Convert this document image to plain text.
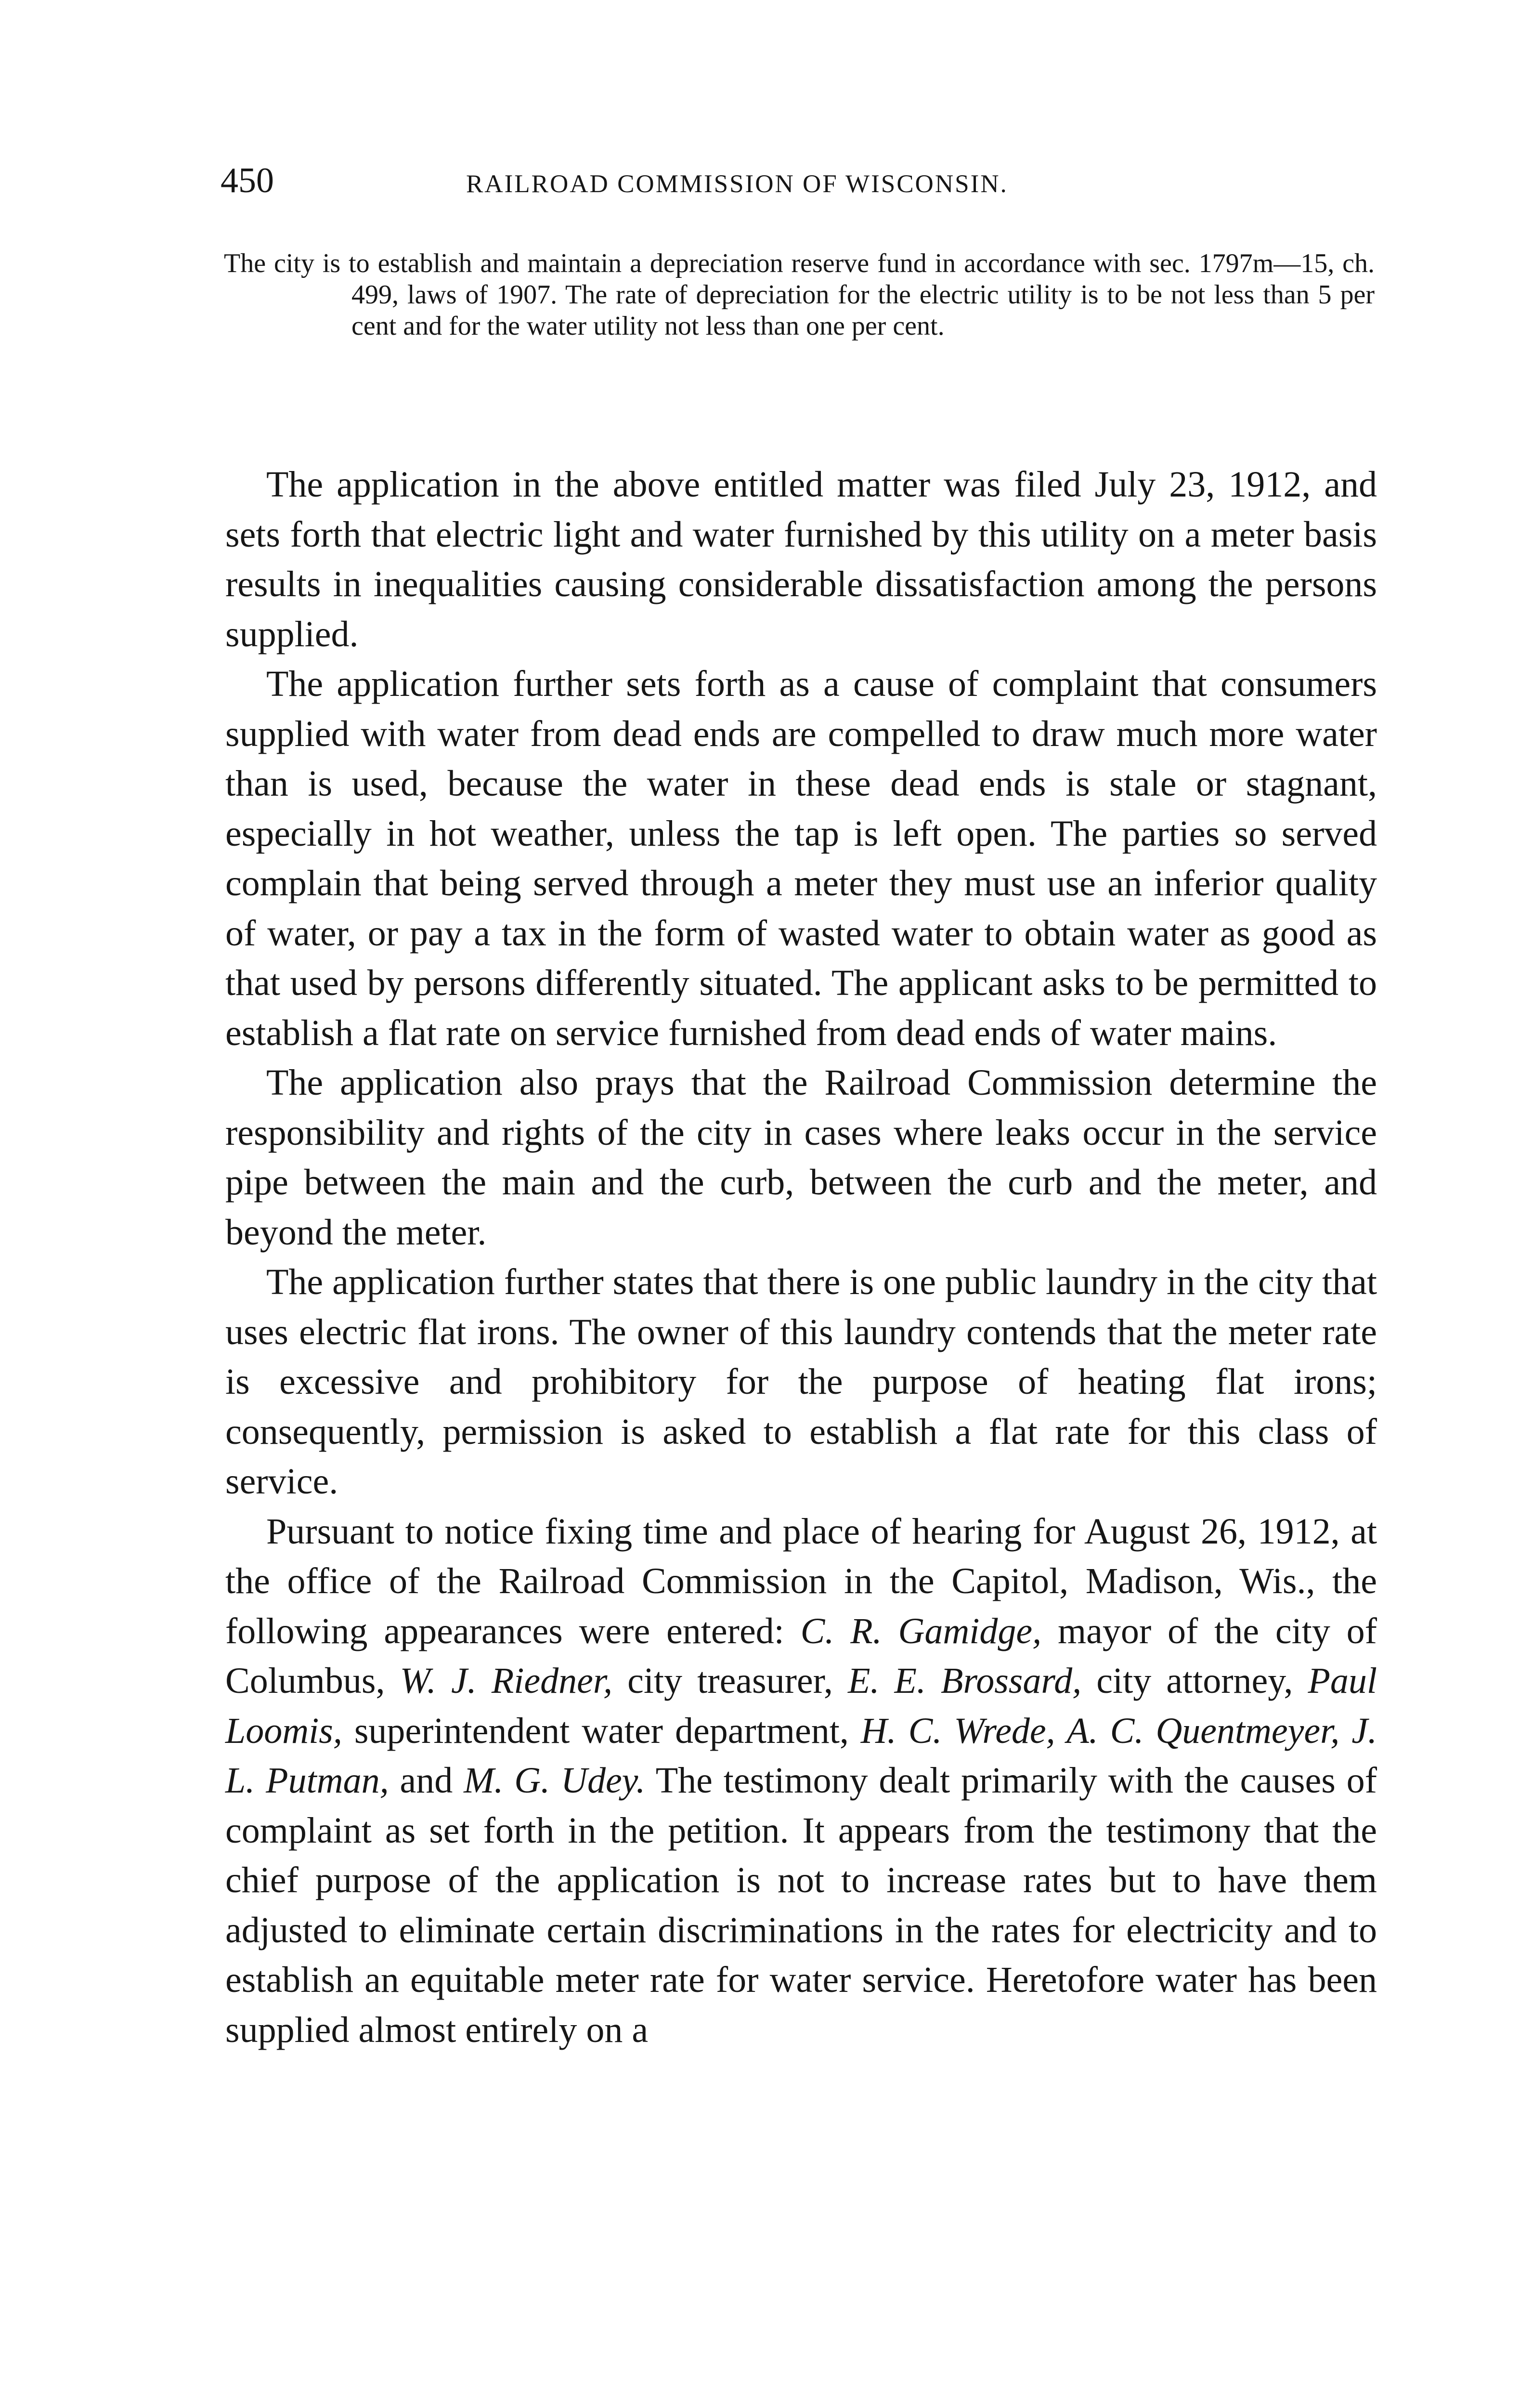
450	RAILROAD COMMISSION OF WISCONSIN.
The city is to establish and maintain a depreciation reserve fund in accordance with sec. 1797m—15, ch. 499, laws of 1907. The rate of depreciation for the electric utility is to be not less than 5 per cent and for the water utility not less than one per cent.

The application in the above entitled matter was filed July 23, 1912, and sets forth that electric light and water furnished by this utility on a meter basis results in inequalities causing considerable dissatisfaction among the persons supplied.

The application further sets forth as a cause of complaint that consumers supplied with water from dead ends are compelled to draw much more water than is used, because the water in these dead ends is stale or stagnant, especially in hot weather, unless the tap is left open. The parties so served complain that being served through a meter they must use an inferior quality of water, or pay a tax in the form of wasted water to obtain water as good as that used by persons differently situated. The applicant asks to be permitted to establish a flat rate on service furnished from dead ends of water mains.

The application also prays that the Railroad Commission determine the responsibility and rights of the city in cases where leaks occur in the service pipe between the main and the curb, between the curb and the meter, and beyond the meter.

The application further states that there is one public laundry in the city that uses electric flat irons. The owner of this laundry contends that the meter rate is excessive and prohibitory for the purpose of heating flat irons; consequently, permission is asked to establish a flat rate for this class of service.

Pursuant to notice fixing time and place of hearing for August 26, 1912, at the office of the Railroad Commission in the Capitol, Madison, Wis., the following appearances were entered: C. R. Gamidge, mayor of the city of Columbus, W. J. Riedner, city treasurer, E. E. Brossard, city attorney, Paul Loomis, superintendent water department, H. C. Wrede, A. C. Quentmeyer, J. L. Putman, and M. G. Udey. The testimony dealt primarily with the causes of complaint as set forth in the petition. It appears from the testimony that the chief purpose of the application is not to increase rates but to have them adjusted to eliminate certain discriminations in the rates for electricity and to establish an equitable meter rate for water service. Heretofore water has been supplied almost entirely on a
